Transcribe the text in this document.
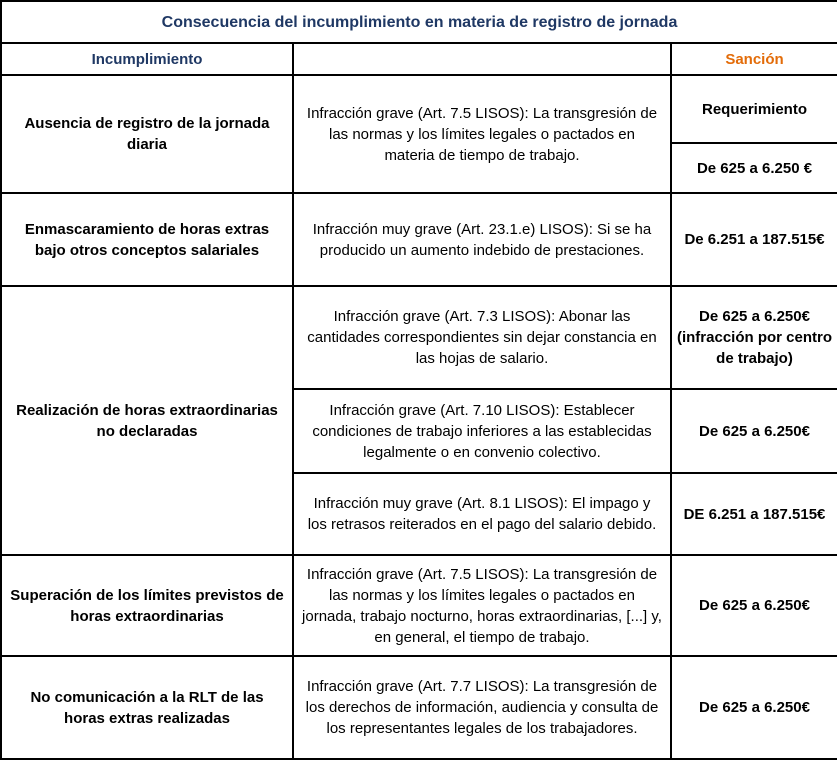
Consecuencia del incumplimiento en materia de registro de jornada		
Incumplimiento		Sanción
Ausencia de registro de la jornada diaria	Infracción grave (Art. 7.5 LISOS): La transgresión de las normas y los límites legales o pactados en materia de tiempo de trabajo.	Requerimiento
		De 625 a 6.250 €
Enmascaramiento de horas extras bajo otros conceptos salariales	Infracción muy grave (Art. 23.1.e) LISOS): Si se ha producido un aumento indebido de prestaciones.	De 6.251 a 187.515€
Realización de horas extraordinarias no declaradas	Infracción grave (Art. 7.3 LISOS): Abonar las cantidades correspondientes sin dejar constancia en las hojas de salario.	De 625 a 6.250€ (infracción por centro de trabajo)
	Infracción grave (Art. 7.10 LISOS): Establecer condiciones de trabajo inferiores a las establecidas legalmente o en convenio colectivo.	De 625 a 6.250€
	Infracción muy grave (Art. 8.1 LISOS): El impago y los retrasos reiterados en el pago del salario debido.	DE 6.251 a 187.515€
Superación de los límites previstos de horas extraordinarias	Infracción grave (Art. 7.5 LISOS): La transgresión de las normas y los límites legales o pactados en jornada, trabajo nocturno, horas extraordinarias, [...] y, en general, el tiempo de trabajo.	De 625 a 6.250€
No comunicación a la RLT de las horas extras realizadas	Infracción grave (Art. 7.7 LISOS): La transgresión de los derechos de información, audiencia y consulta de los representantes legales de los trabajadores.	De 625 a 6.250€
